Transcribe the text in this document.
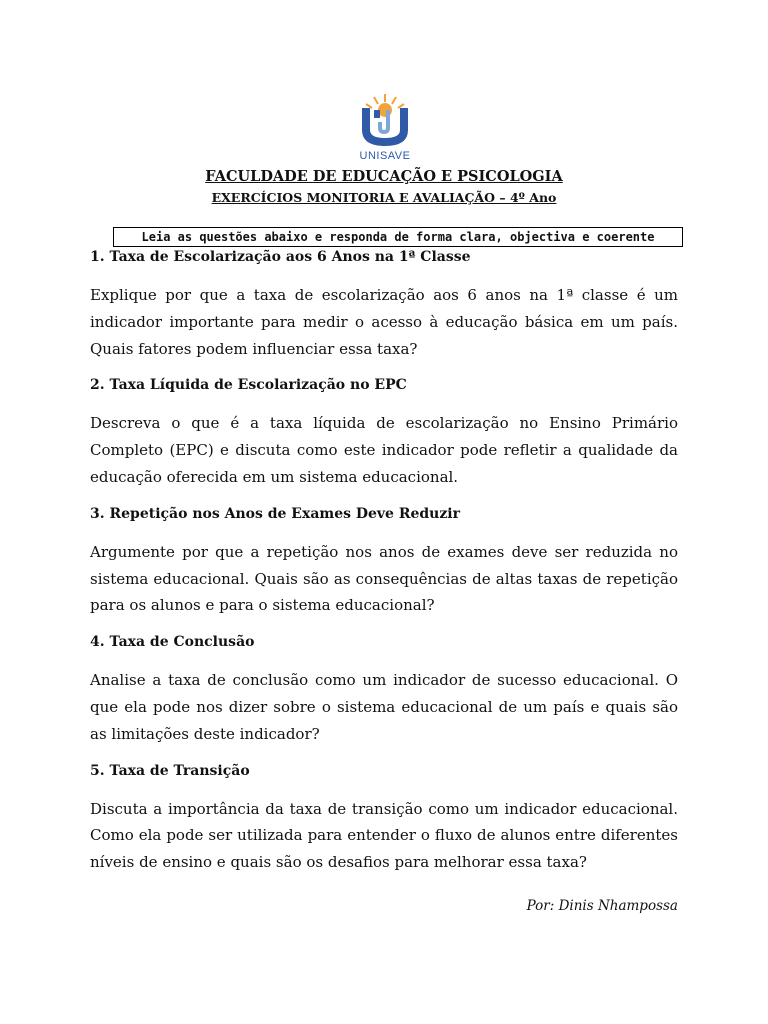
UNISAVE
FACULDADE DE EDUCAÇÃO E PSICOLOGIA
EXERCÍCIOS MONITORIA E AVALIAÇÃO – 4º Ano
Leia as questões abaixo e responda de forma clara, objectiva e coerente
1. Taxa de Escolarização aos 6 Anos na 1ª Classe

Explique por que a taxa de escolarização aos 6 anos na 1ª classe é um indicador importante para medir o acesso à educação básica em um país. Quais fatores podem influenciar essa taxa?

2. Taxa Líquida de Escolarização no EPC

Descreva o que é a taxa líquida de escolarização no Ensino Primário Completo (EPC) e discuta como este indicador pode refletir a qualidade da educação oferecida em um sistema educacional.

3. Repetição nos Anos de Exames Deve Reduzir

Argumente por que a repetição nos anos de exames deve ser reduzida no sistema educacional. Quais são as consequências de altas taxas de repetição para os alunos e para o sistema educacional?

4. Taxa de Conclusão

Analise a taxa de conclusão como um indicador de sucesso educacional. O que ela pode nos dizer sobre o sistema educacional de um país e quais são as limitações deste indicador?

5. Taxa de Transição

Discuta a importância da taxa de transição como um indicador educacional. Como ela pode ser utilizada para entender o fluxo de alunos entre diferentes níveis de ensino e quais são os desafios para melhorar essa taxa?

Por: Dinis Nhampossa
